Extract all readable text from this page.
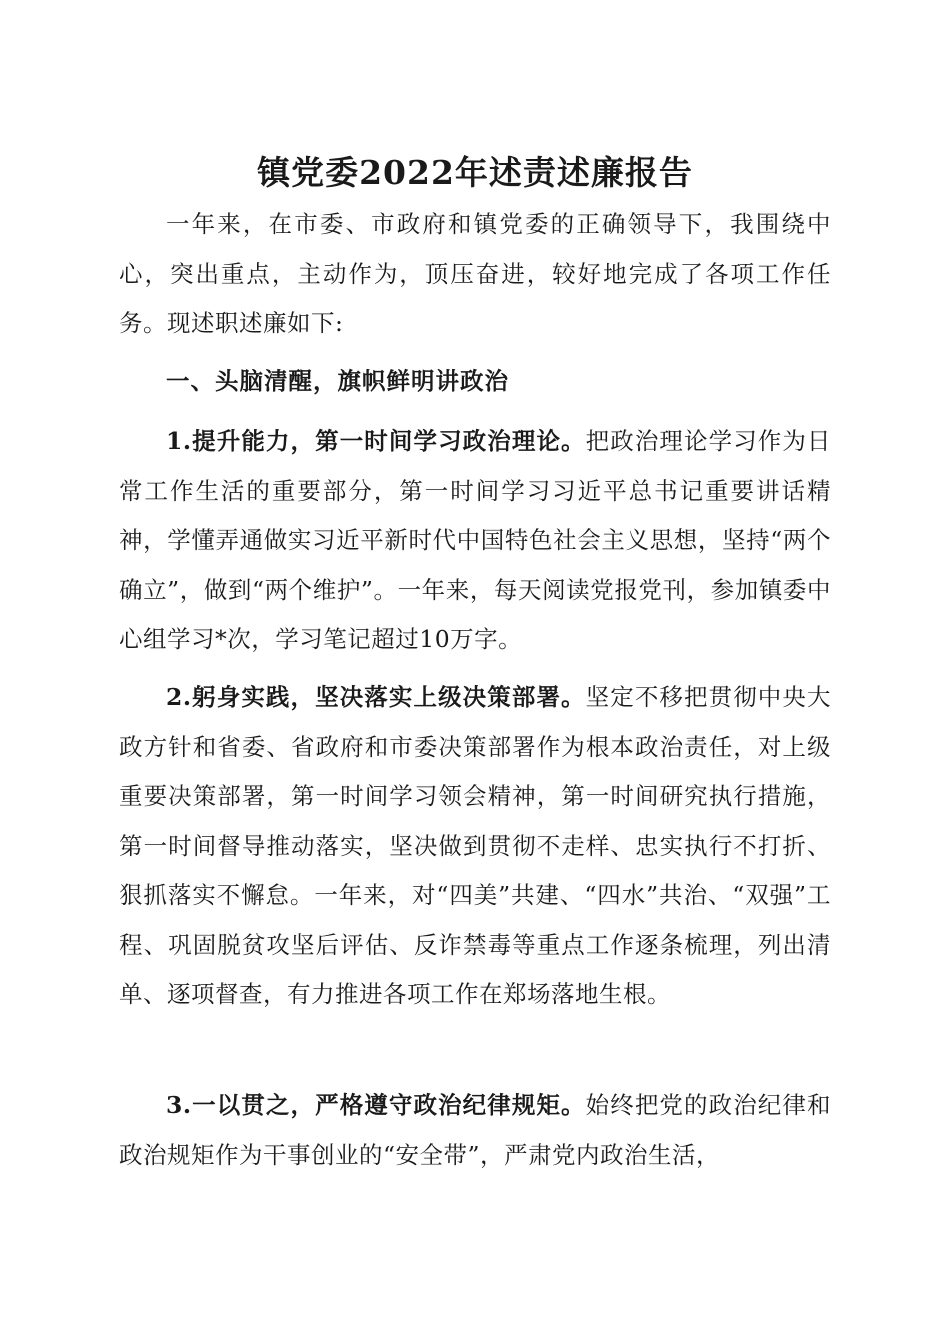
镇党委2022年述责述廉报告

一年来，在市委、市政府和镇党委的正确领导下，我围绕中心，突出重点，主动作为，顶压奋进，较好地完成了各项工作任务。现述职述廉如下:

一、头脑清醒，旗帜鲜明讲政治

1.提升能力，第一时间学习政治理论。把政治理论学习作为日常工作生活的重要部分，第一时间学习习近平总书记重要讲话精神，学懂弄通做实习近平新时代中国特色社会主义思想，坚持“两个确立”，做到“两个维护”。一年来，每天阅读党报党刊，参加镇委中心组学习*次，学习笔记超过10万字。

2.躬身实践，坚决落实上级决策部署。坚定不移把贯彻中央大政方针和省委、省政府和市委决策部署作为根本政治责任，对上级重要决策部署，第一时间学习领会精神，第一时间研究执行措施，第一时间督导推动落实，坚决做到贯彻不走样、忠实执行不打折、狠抓落实不懈怠。一年来，对“四美”共建、“四水”共治、“双强”工程、巩固脱贫攻坚后评估、反诈禁毒等重点工作逐条梳理，列出清单、逐项督查，有力推进各项工作在郑场落地生根。

3.一以贯之，严格遵守政治纪律规矩。始终把党的政治纪律和政治规矩作为干事创业的“安全带”，严肃党内政治生活，
